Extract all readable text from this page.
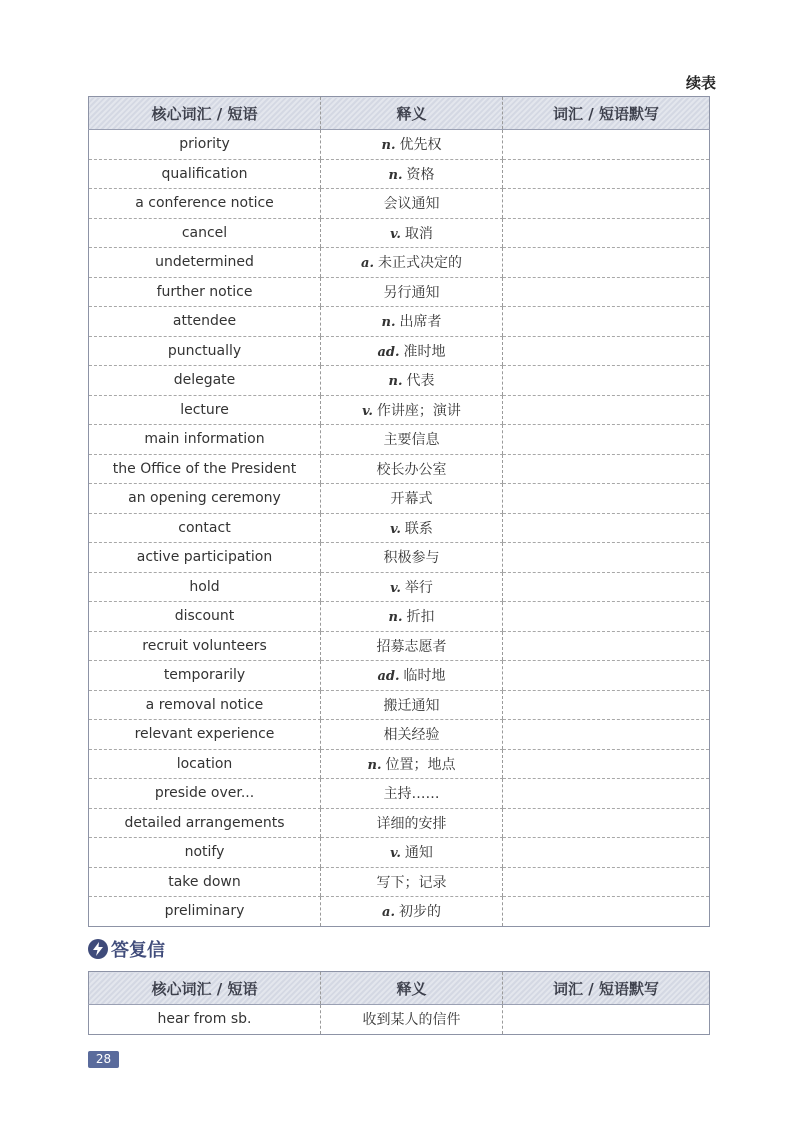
续表
核心词汇 / 短语	释义	词汇 / 短语默写
priority	n. 优先权	
qualification	n. 资格	
a conference notice	会议通知	
cancel	v. 取消	
undetermined	a. 未正式决定的	
further notice	另行通知	
attendee	n. 出席者	
punctually	ad. 准时地	
delegate	n. 代表	
lecture	v. 作讲座；演讲	
main information	主要信息	
the Office of the President	校长办公室	
an opening ceremony	开幕式	
contact	v. 联系	
active participation	积极参与	
hold	v. 举行	
discount	n. 折扣	
recruit volunteers	招募志愿者	
temporarily	ad. 临时地	
a removal notice	搬迁通知	
relevant experience	相关经验	
location	n. 位置；地点	
preside over...	主持……	
detailed arrangements	详细的安排	
notify	v. 通知	
take down	写下；记录	
preliminary	a. 初步的	
答复信
核心词汇 / 短语	释义	词汇 / 短语默写
hear from sb.	收到某人的信件	
28
